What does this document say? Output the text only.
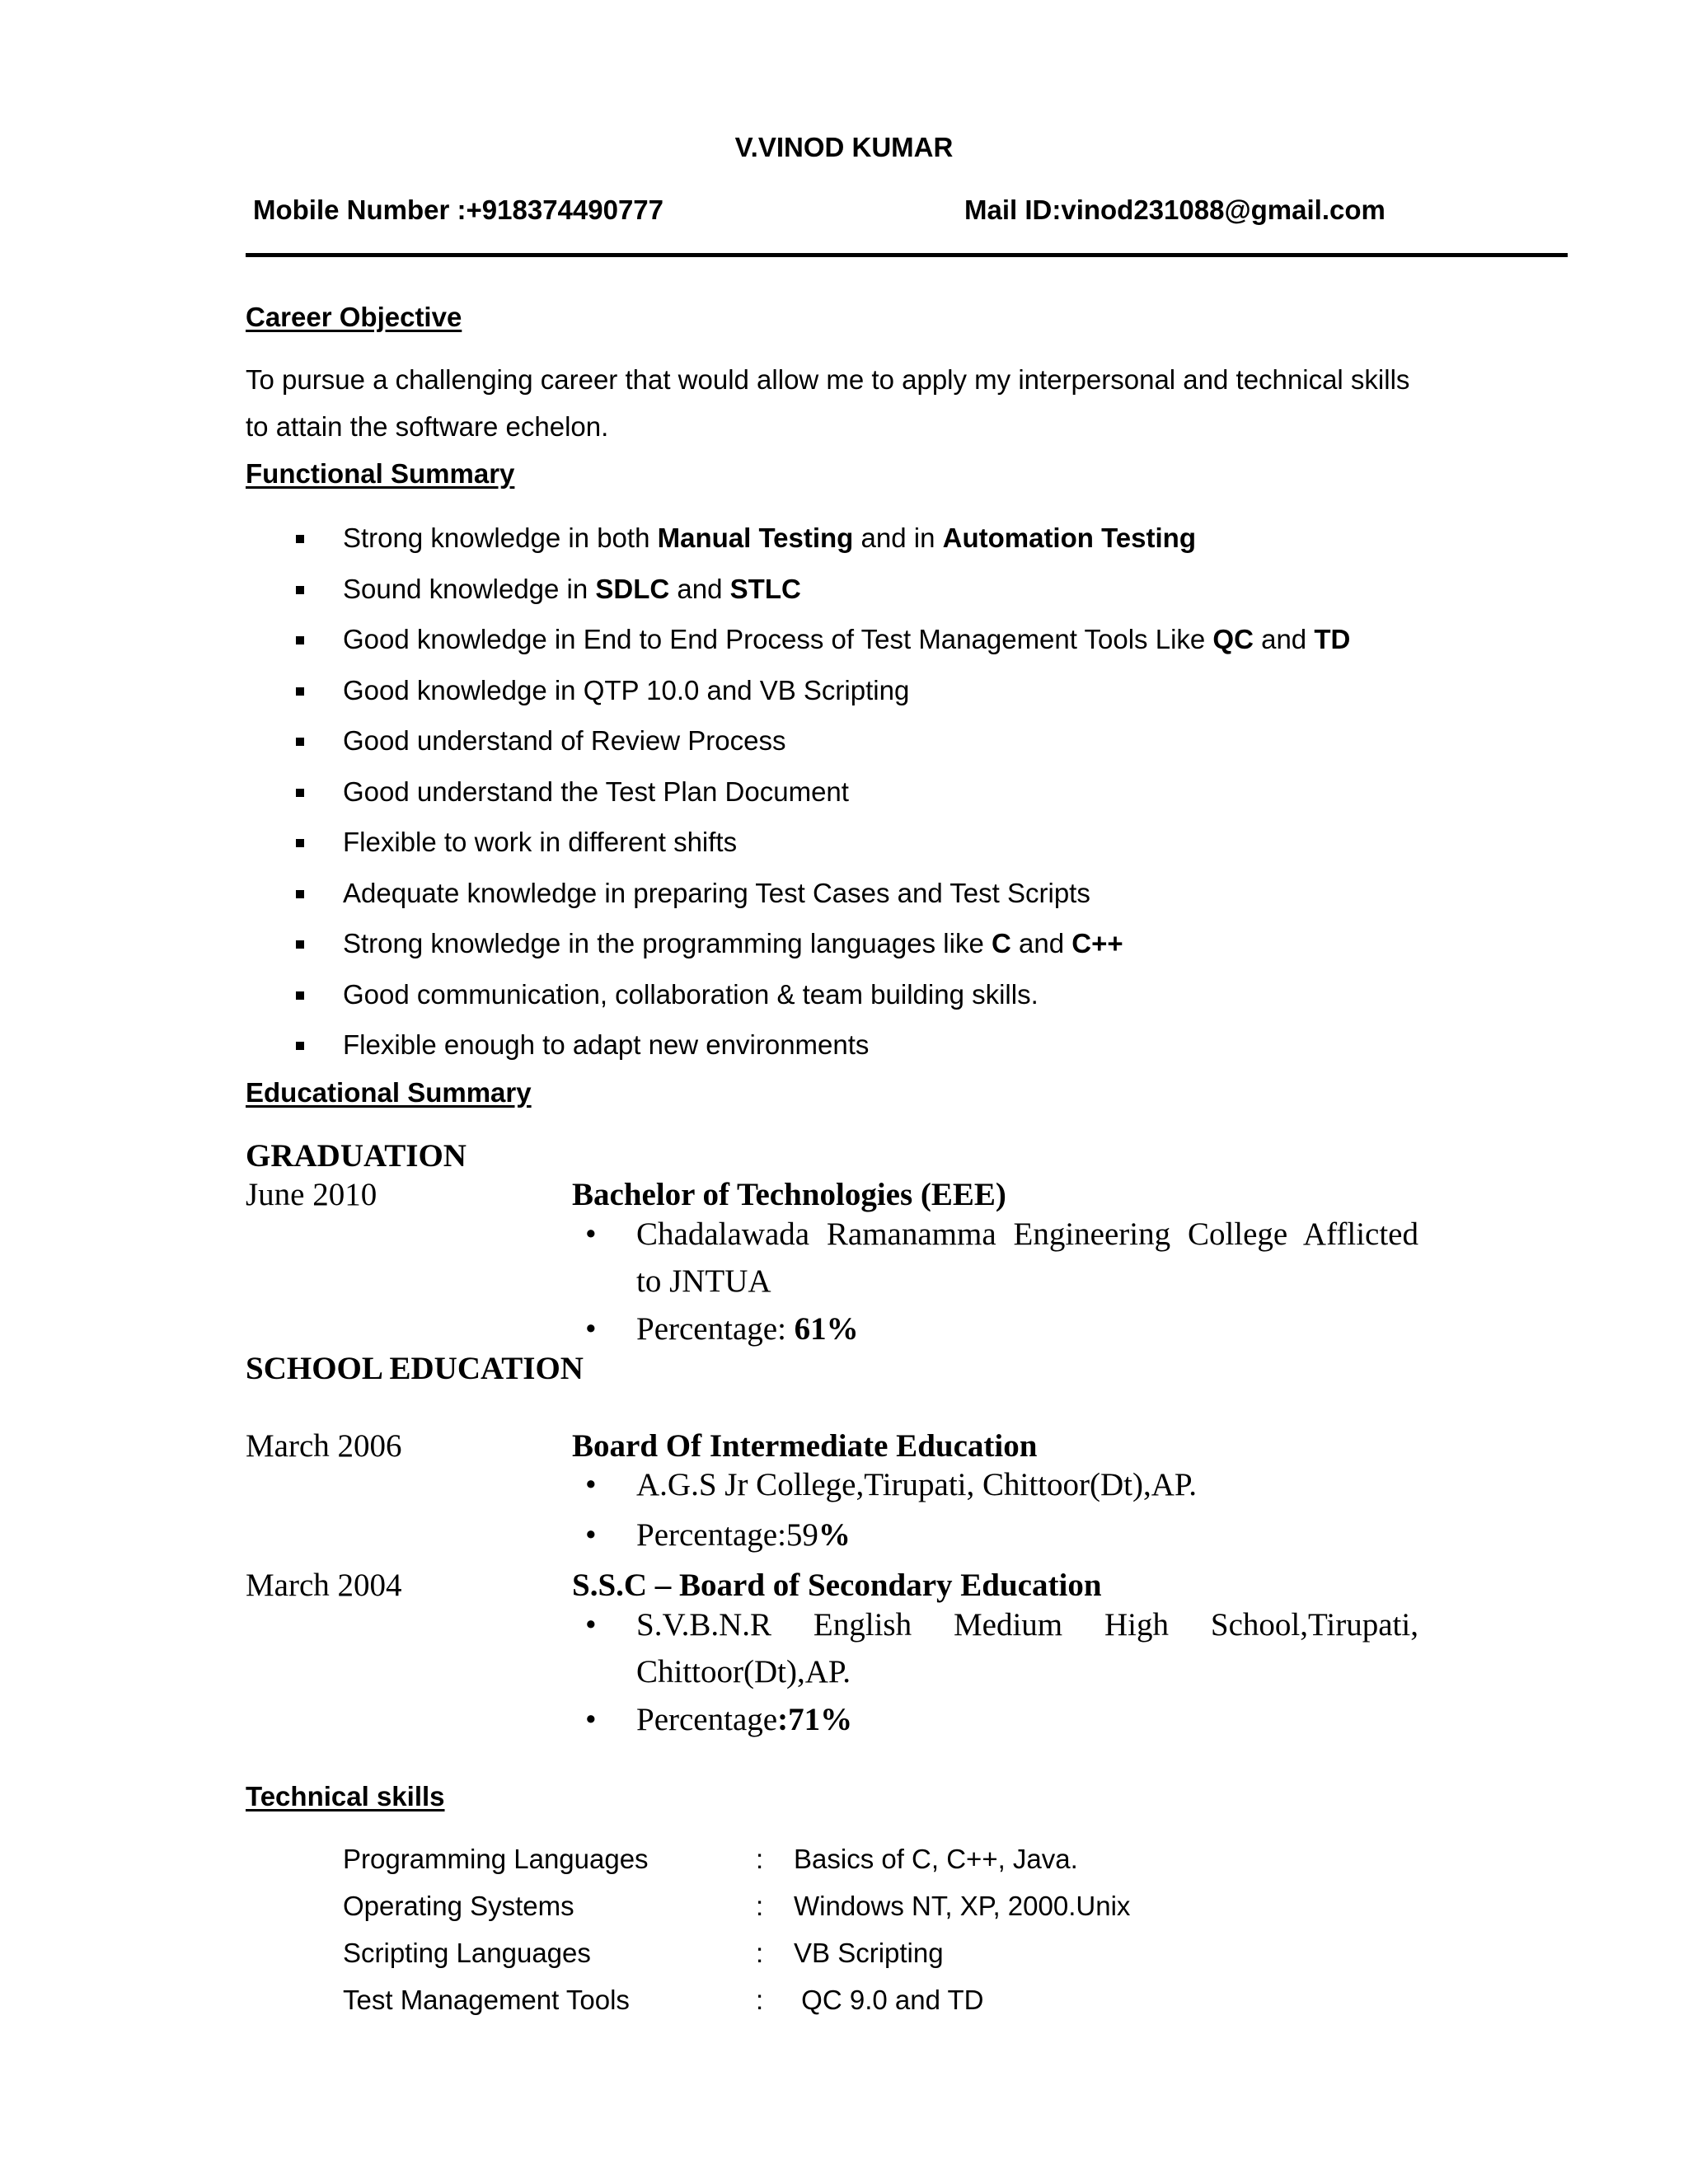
V.VINOD KUMAR
Mobile Number :+918374490777	Mail ID:vinod231088@gmail.com
Career Objective
To pursue a challenging career that would allow me to apply my interpersonal and technical skills
to attain the software echelon.
Functional Summary
Strong knowledge in both Manual Testing and in Automation Testing
Sound knowledge in SDLC and STLC
Good knowledge in End to End Process of Test Management Tools Like QC and TD
Good knowledge in QTP 10.0 and VB Scripting
Good understand of Review Process
Good understand the Test Plan Document
Flexible to work in different shifts
Adequate knowledge in preparing Test Cases and Test Scripts
Strong knowledge in the programming languages like C and C++
Good communication, collaboration & team building skills.
Flexible enough to adapt new environments
Educational Summary
GRADUATION
June 2010	Bachelor of Technologies (EEE)
• Chadalawada Ramanamma Engineering College Afflicted
to JNTUA
• Percentage: 61%
SCHOOL EDUCATION
March 2006	Board Of Intermediate Education
• A.G.S Jr College,Tirupati, Chittoor(Dt),AP.
• Percentage:59%
March 2004	S.S.C – Board of Secondary Education
• S.V.B.N.R English Medium High School,Tirupati,
Chittoor(Dt),AP.
• Percentage:71%
Technical skills
Programming Languages	: Basics of C, C++, Java.
Operating Systems	: Windows NT, XP, 2000.Unix
Scripting Languages	: VB Scripting
Test Management Tools	: QC 9.0 and TD
